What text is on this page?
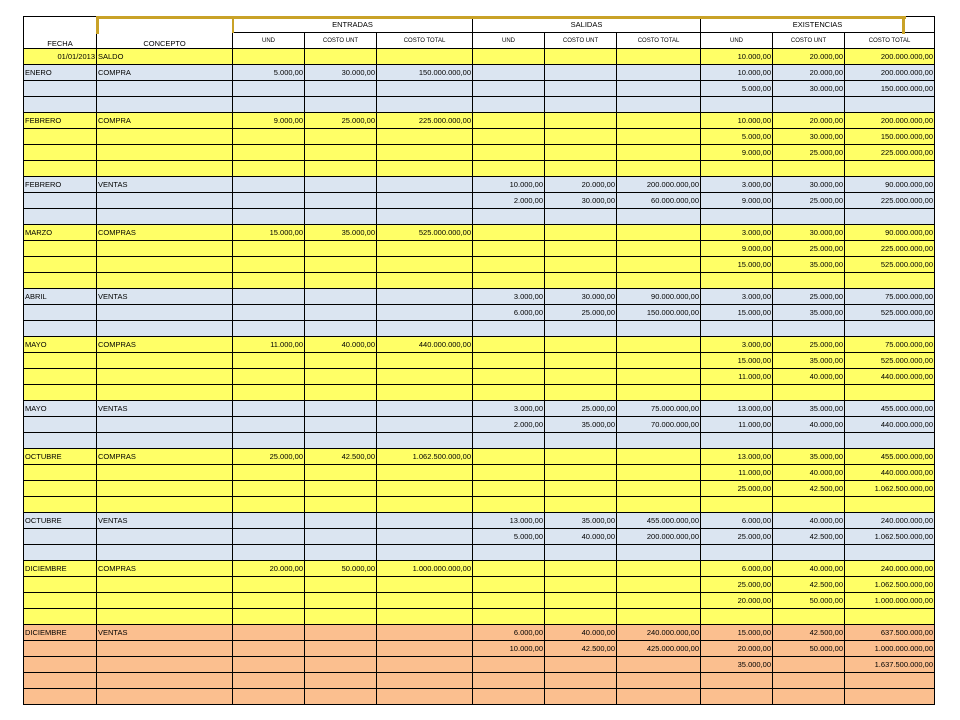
FECHA	CONCEPTO	ENTRADAS			SALIDAS			EXISTENCIAS		
		UND	COSTO UNT	COSTO TOTAL	UND	COSTO UNT	COSTO TOTAL	UND	COSTO UNT	COSTO TOTAL
01/01/2013	SALDO							10.000,00	20.000,00	200.000.000,00
ENERO	COMPRA	5.000,00	30.000,00	150.000.000,00				10.000,00	20.000,00	200.000.000,00
								5.000,00	30.000,00	150.000.000,00

FEBRERO	COMPRA	9.000,00	25.000,00	225.000.000,00				10.000,00	20.000,00	200.000.000,00
								5.000,00	30.000,00	150.000.000,00
								9.000,00	25.000,00	225.000.000,00

FEBRERO	VENTAS				10.000,00	20.000,00	200.000.000,00	3.000,00	30.000,00	90.000.000,00
					2.000,00	30.000,00	60.000.000,00	9.000,00	25.000,00	225.000.000,00

MARZO	COMPRAS	15.000,00	35.000,00	525.000.000,00				3.000,00	30.000,00	90.000.000,00
								9.000,00	25.000,00	225.000.000,00
								15.000,00	35.000,00	525.000.000,00

ABRIL	VENTAS				3.000,00	30.000,00	90.000.000,00	3.000,00	25.000,00	75.000.000,00
					6.000,00	25.000,00	150.000.000,00	15.000,00	35.000,00	525.000.000,00

MAYO	COMPRAS	11.000,00	40.000,00	440.000.000,00				3.000,00	25.000,00	75.000.000,00
								15.000,00	35.000,00	525.000.000,00
								11.000,00	40.000,00	440.000.000,00

MAYO	VENTAS				3.000,00	25.000,00	75.000.000,00	13.000,00	35.000,00	455.000.000,00
					2.000,00	35.000,00	70.000.000,00	11.000,00	40.000,00	440.000.000,00

OCTUBRE	COMPRAS	25.000,00	42.500,00	1.062.500.000,00				13.000,00	35.000,00	455.000.000,00
								11.000,00	40.000,00	440.000.000,00
								25.000,00	42.500,00	1.062.500.000,00

OCTUBRE	VENTAS				13.000,00	35.000,00	455.000.000,00	6.000,00	40.000,00	240.000.000,00
					5.000,00	40.000,00	200.000.000,00	25.000,00	42.500,00	1.062.500.000,00

DICIEMBRE	COMPRAS	20.000,00	50.000,00	1.000.000.000,00				6.000,00	40.000,00	240.000.000,00
								25.000,00	42.500,00	1.062.500.000,00
								20.000,00	50.000,00	1.000.000.000,00

DICIEMBRE	VENTAS				6.000,00	40.000,00	240.000.000,00	15.000,00	42.500,00	637.500.000,00
					10.000,00	42.500,00	425.000.000,00	20.000,00	50.000,00	1.000.000.000,00
								35.000,00		1.637.500.000,00
